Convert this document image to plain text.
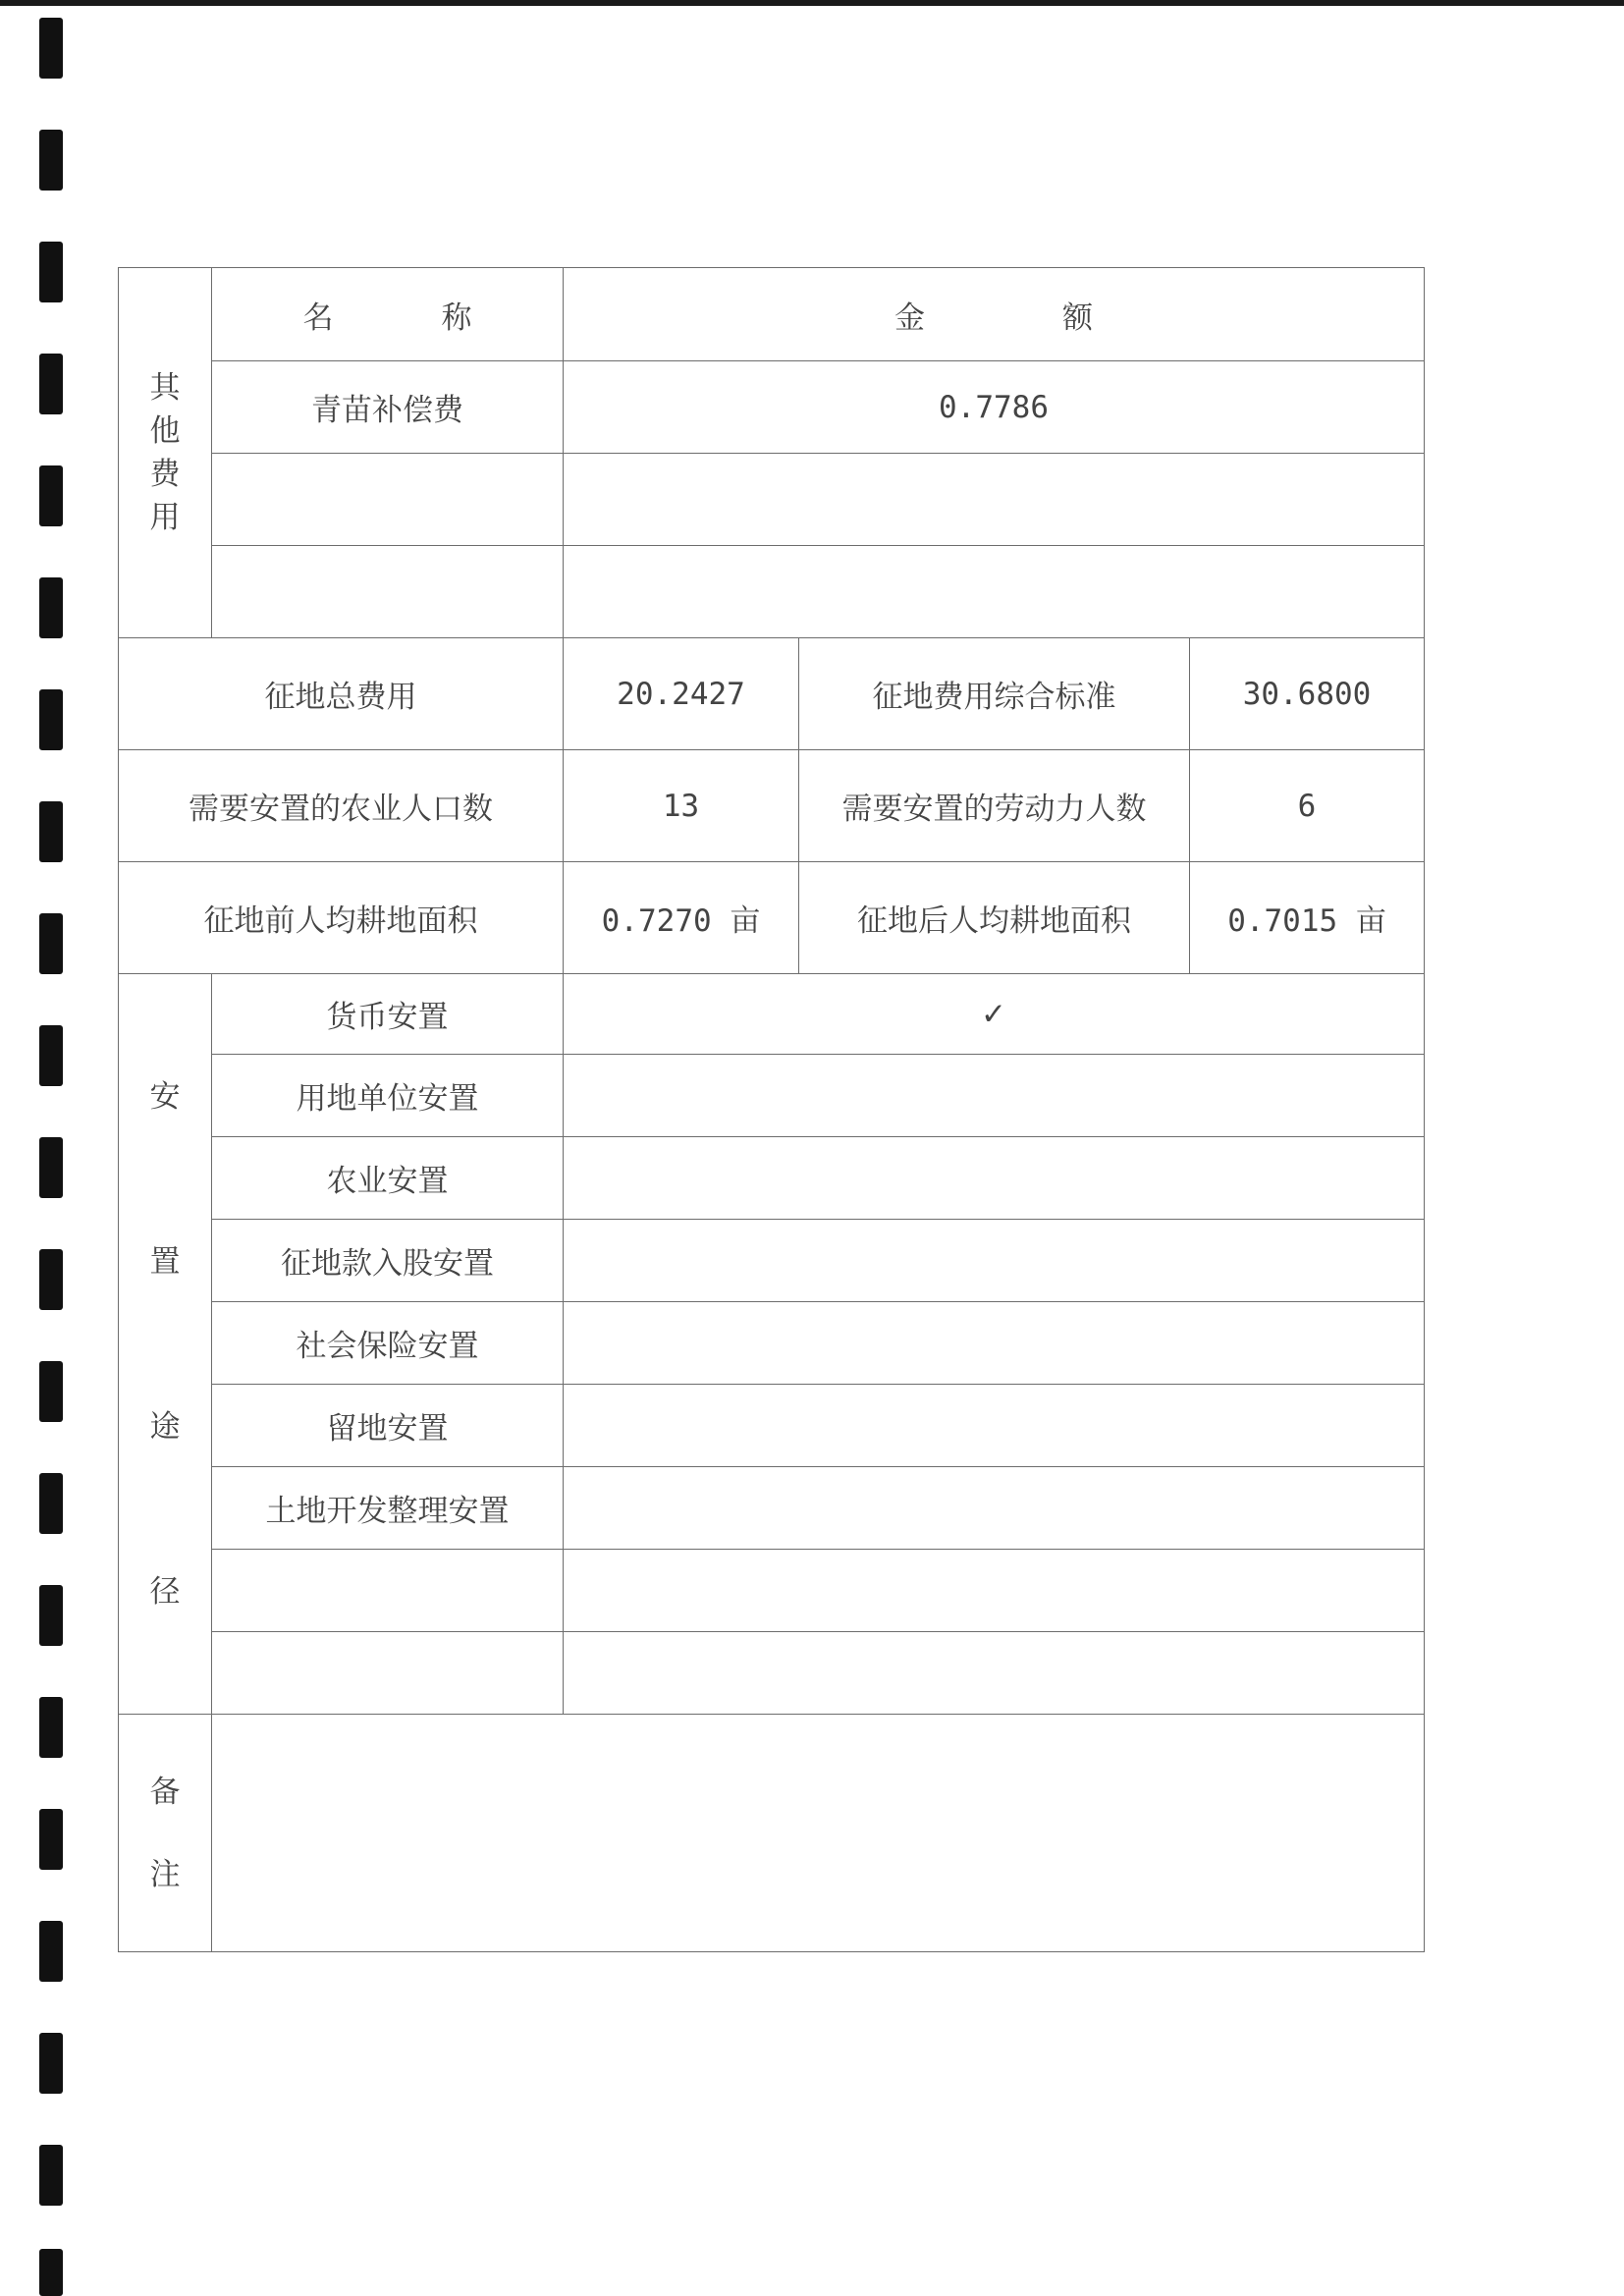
其
他
费
用	名 称	金 额		
	青苗补偿费	0.7786		

征地总费用		20.2427	征地费用综合标准	30.6800
需要安置的农业人口数		13	需要安置的劳动力人数	6
征地前人均耕地面积		0.7270 亩	征地后人均耕地面积	0.7015 亩

安
置
途
径	货币安置	✓		
	用地单位安置			
	农业安置			
	征地款入股安置			
	社会保险安置			
	留地安置			
	土地开发整理安置			

备
注				
